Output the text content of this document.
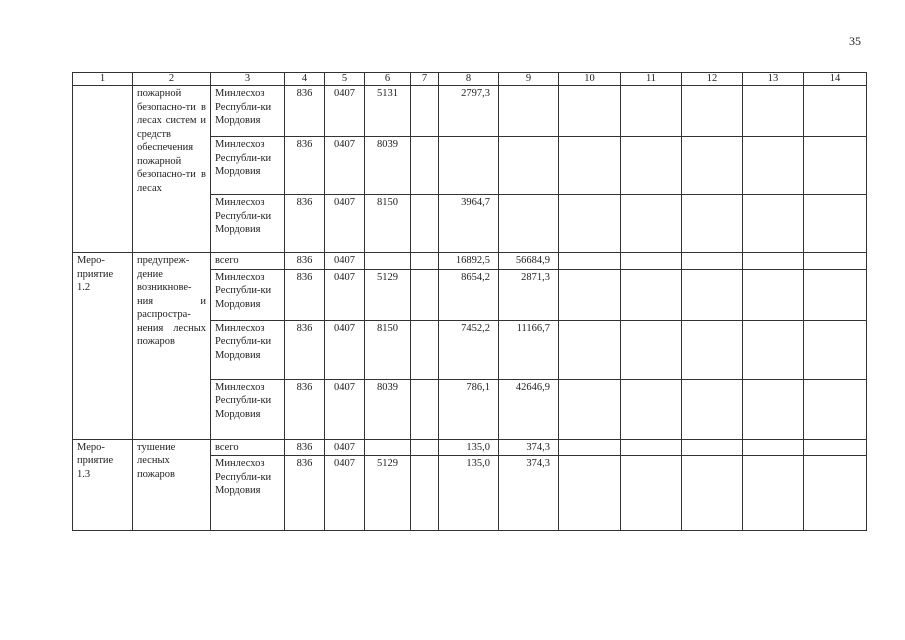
35
1	2	3	4	5	6	7	8	9	10	11	12	13	14
	пожарной безопасно-ти в лесах систем и средств обеспечения пожарной безопасно-ти в лесах	Минлесхоз Республи-ки Мордовия	836	0407	5131		2797,3						
		Минлесхоз Республи-ки Мордовия	836	0407	8039								
		Минлесхоз Республи-ки Мордовия	836	0407	8150		3964,7						
Меро-приятие 1.2	предупреж-дение возникнове-ния и распростра-нения лесных пожаров	всего	836	0407			16892,5	56684,9					
		Минлесхоз Республи-ки Мордовия	836	0407	5129		8654,2	2871,3					
		Минлесхоз Республи-ки Мордовия	836	0407	8150		7452,2	11166,7					
		Минлесхоз Республи-ки Мордовия	836	0407	8039		786,1	42646,9					
Меро-приятие 1.3	тушение лесных пожаров	всего	836	0407			135,0	374,3					
		Минлесхоз Республи-ки Мордовия	836	0407	5129		135,0	374,3					
